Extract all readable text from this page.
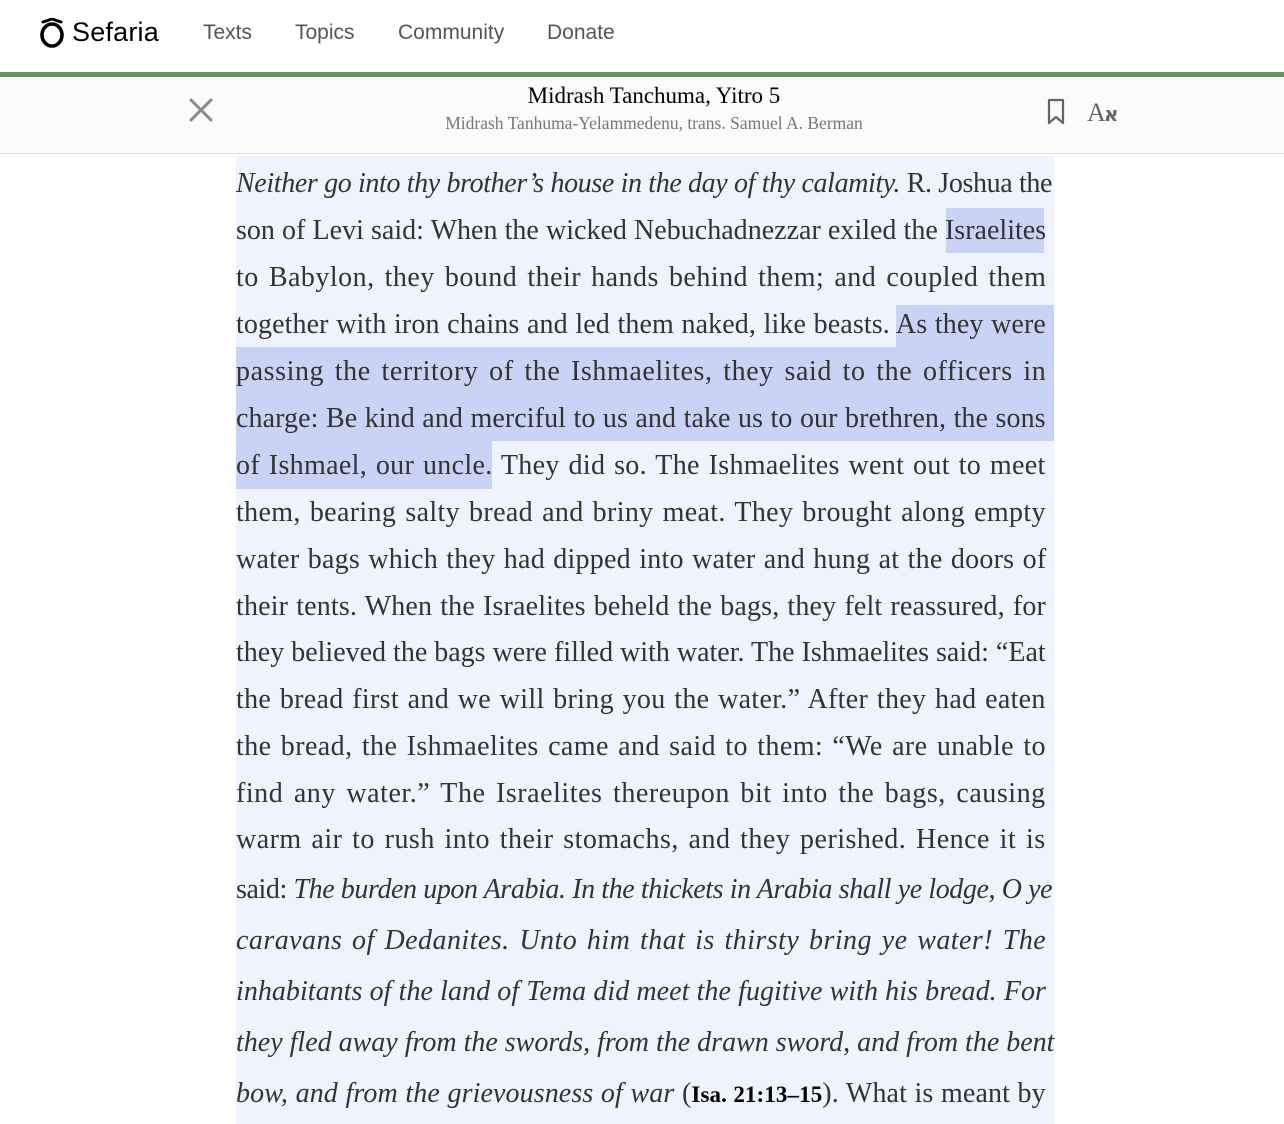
Sefaria Texts Topics Community Donate
Midrash Tanchuma, Yitro 5
Midrash Tanhuma-Yelammedenu, trans. Samuel A. Berman	A
א
Neither go into thy brother’s house in the day of thy calamity. R. Joshua the
son of Levi said: When the wicked Nebuchadnezzar exiled the Israelites
to Babylon, they bound their hands behind them; and coupled them
together with iron chains and led them naked, like beasts. As they were
passing the territory of the Ishmaelites, they said to the officers in
charge: Be kind and merciful to us and take us to our brethren, the sons
of Ishmael, our uncle. They did so. The Ishmaelites went out to meet
them, bearing salty bread and briny meat. They brought along empty
water bags which they had dipped into water and hung at the doors of
their tents. When the Israelites beheld the bags, they felt reassured, for
they believed the bags were filled with water. The Ishmaelites said: “Eat
the bread first and we will bring you the water.” After they had eaten
the bread, the Ishmaelites came and said to them: “We are unable to
find any water.” The Israelites thereupon bit into the bags, causing
warm air to rush into their stomachs, and they perished. Hence it is
said: The burden upon Arabia. In the thickets in Arabia shall ye lodge, O ye
caravans of Dedanites. Unto him that is thirsty bring ye water! The
inhabitants of the land of Tema did meet the fugitive with his bread. For
they fled away from the swords, from the drawn sword, and from the bent
bow, and from the grievousness of war (Isa. 21:13–15). What is meant by
